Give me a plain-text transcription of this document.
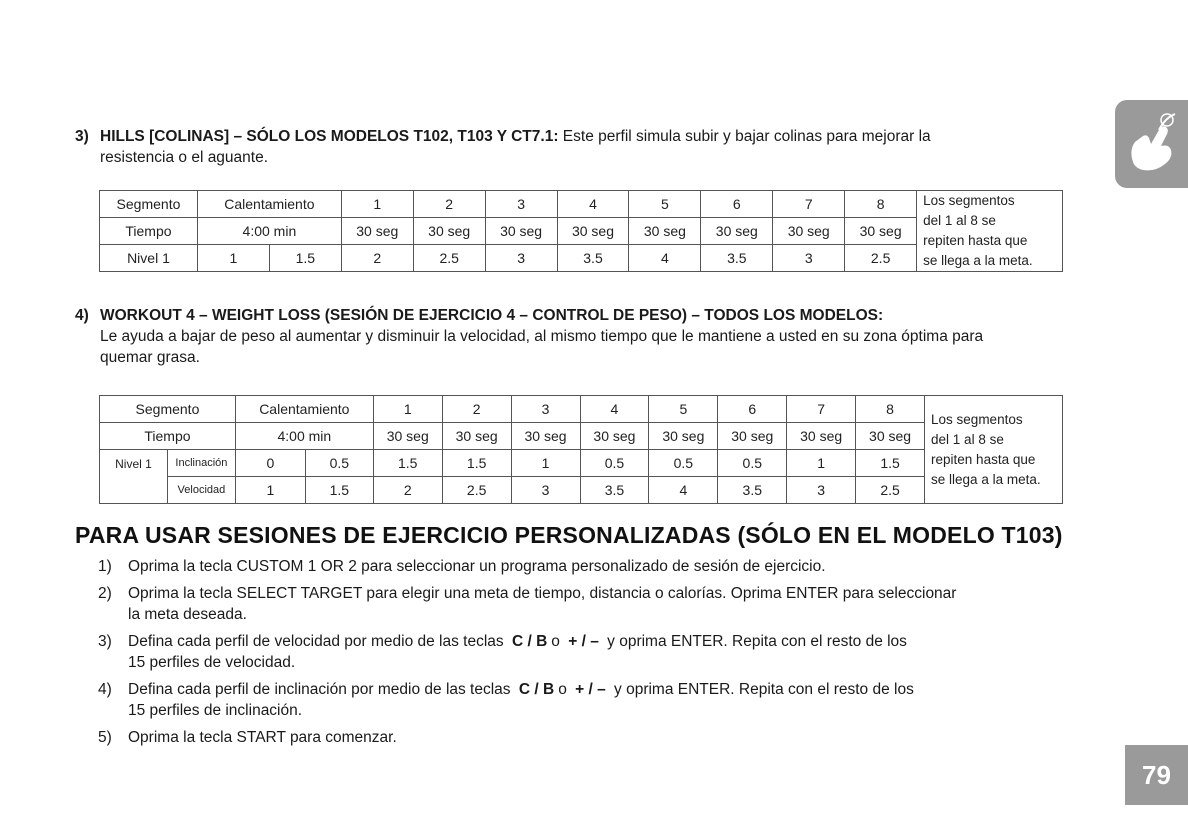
3) HILLS [COLINAS] – SÓLO LOS MODELOS T102, T103 Y CT7.1: Este perfil simula subir y bajar colinas para mejorar la
resistencia o el aguante.
Segmento	Calentamiento		1	2	3	4	5	6	7	8	Los segmentos
del 1 al 8 se
repiten hasta que
se llega a la meta.

Tiempo	4:00 min		30 seg	30 seg	30 seg	30 seg	30 seg	30 seg	30 seg	30 seg	
Nivel 1	1	1.5	2	2.5	3	3.5	4	3.5	3	2.5	
4) WORKOUT 4 – WEIGHT LOSS (SESIÓN DE EJERCICIO 4 – CONTROL DE PESO) – TODOS LOS MODELOS:
Le ayuda a bajar de peso al aumentar y disminuir la velocidad, al mismo tiempo que le mantiene a usted en su zona óptima para
quemar grasa.
Segmento		Calentamiento		1	2	3	4	5	6	7	8	Los segmentos
del 1 al 8 se
repiten hasta que
se llega a la meta.

Tiempo		4:00 min		30 seg	30 seg	30 seg	30 seg	30 seg	30 seg	30 seg	30 seg	
Nivel 1	Inclinación	0	0.5	1.5	1.5	1	0.5	0.5	0.5	1	1.5	
	Velocidad	1	1.5	2	2.5	3	3.5	4	3.5	3	2.5	
PARA USAR SESIONES DE EJERCICIO PERSONALIZADAS (SÓLO EN EL MODELO T103)
1) Oprima la tecla CUSTOM 1 OR 2 para seleccionar un programa personalizado de sesión de ejercicio.
2) Oprima la tecla SELECT TARGET para elegir una meta de tiempo, distancia o calorías. Oprima ENTER para seleccionar
la meta deseada.
3) Defina cada perfil de velocidad por medio de las teclas C / B o + / – y oprima ENTER. Repita con el resto de los
15 perfiles de velocidad.
4) Defina cada perfil de inclinación por medio de las teclas C / B o + / – y oprima ENTER. Repita con el resto de los
15 perfiles de inclinación.
5) Oprima la tecla START para comenzar.
79
